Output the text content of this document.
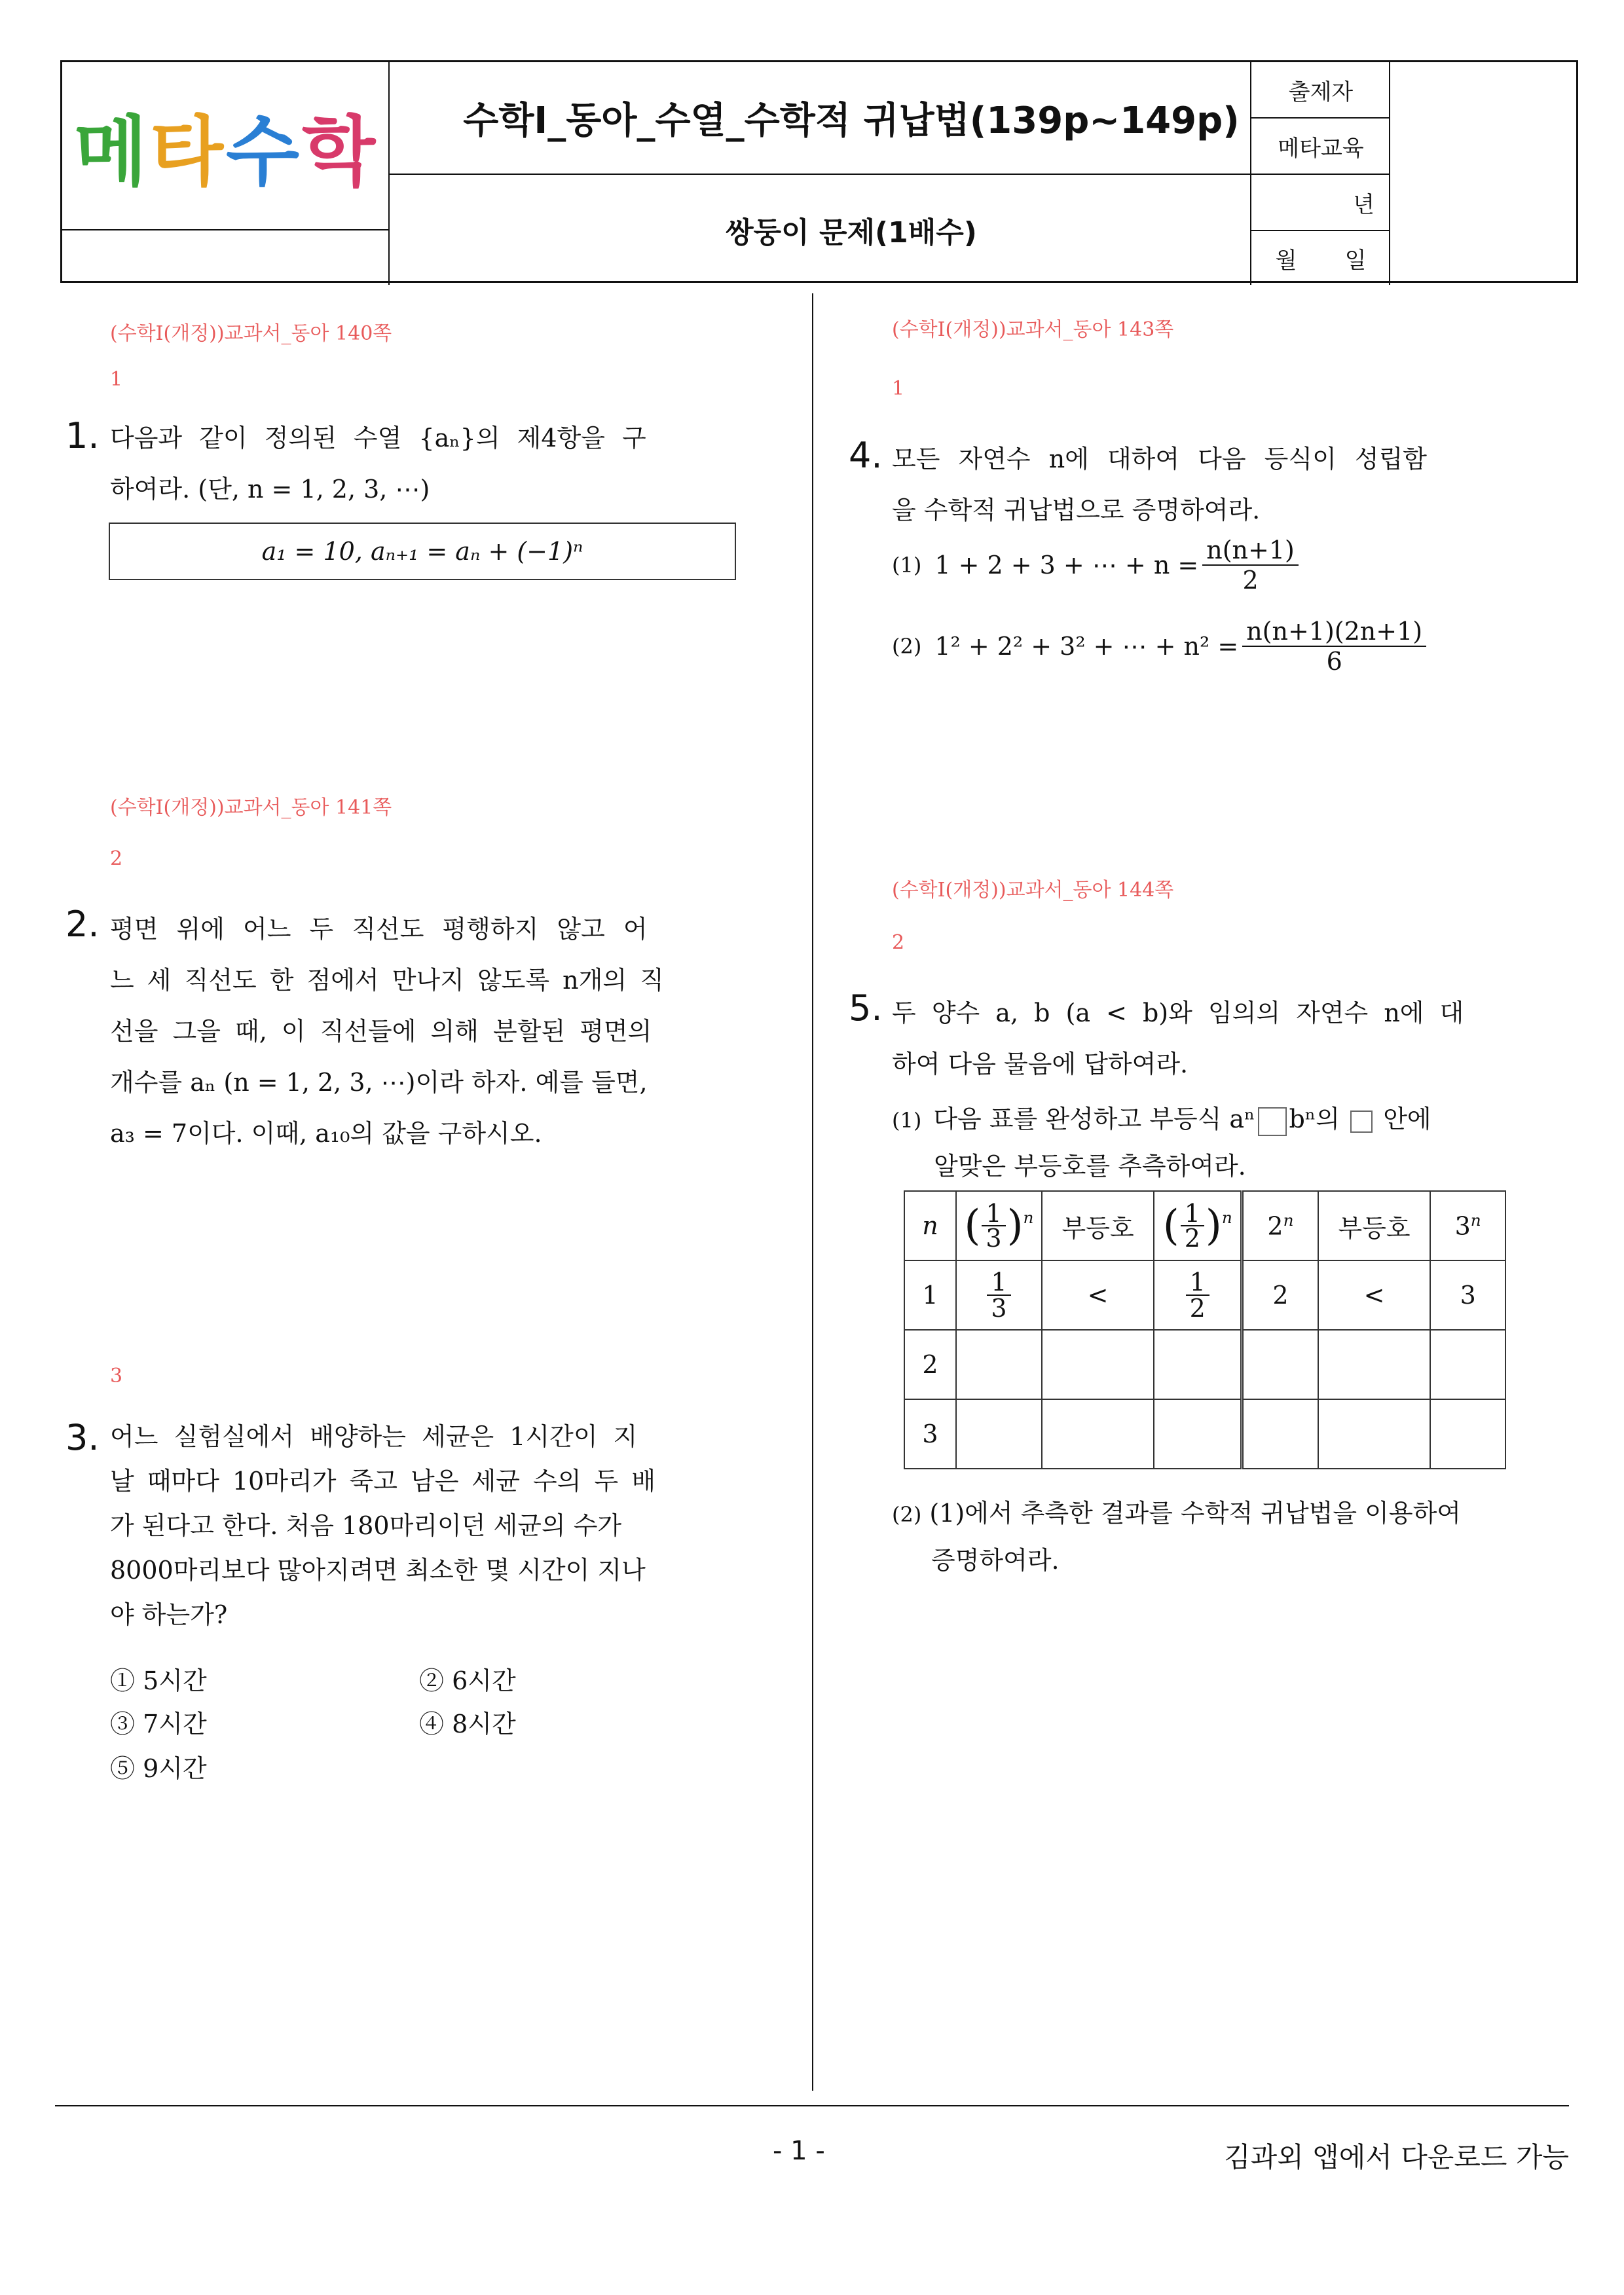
메 타 수 학	수학Ⅰ_동아_수열_수학적 귀납법(139p~149p)
쌍둥이 문제(1배수)
출제자
메타교육
년
월 일
(수학Ⅰ(개정))교과서_동아 140쪽
1
1. 다음과 같이 정의된 수열 {aₙ}의 제4항을 구
하여라. (단, n = 1, 2, 3, ⋯)
a₁ = 10, aₙ₊₁ = aₙ + (−1)ⁿ
(수학Ⅰ(개정))교과서_동아 141쪽
2
2. 평면 위에 어느 두 직선도 평행하지 않고 어
느 세 직선도 한 점에서 만나지 않도록 n개의 직
선을 그을 때, 이 직선들에 의해 분할된 평면의
개수를 aₙ (n = 1, 2, 3, ⋯)이라 하자. 예를 들면,
a₃ = 7이다. 이때, a₁₀의 값을 구하시오.
3
3. 어느 실험실에서 배양하는 세균은 1시간이 지
날 때마다 10마리가 죽고 남은 세균 수의 두 배
가 된다고 한다. 처음 180마리이던 세균의 수가
8000마리보다 많아지려면 최소한 몇 시간이 지나
야 하는가?
① 5시간	② 6시간
③ 7시간	④ 8시간
⑤ 9시간
(수학Ⅰ(개정))교과서_동아 143쪽
1
4. 모든 자연수 n에 대하여 다음 등식이 성립함
을 수학적 귀납법으로 증명하여라.
(1) 1 + 2 + 3 + ⋯ + $n = \frac{n(n+1)}{2}$
(2) 1² + 2² + 3² + ⋯ + $n^2 = \frac{n(n+1)(2n+1)}{6}$
(수학Ⅰ(개정))교과서_동아 144쪽
2
5. 두 양수 a, b (a < b)와 임의의 자연수 n에 대
하여 다음 물음에 답하여라.
(1) 다음 표를 완성하고 부등식 aⁿ bⁿ의 안에
알맞은 부등호를 추측하여라.
n	( $\frac{1}{3} )^n$	부등호	( $\frac{1}{2} )^n$	2$^n$	부등호	3$^n$
1	$\frac{1}{3}$	<	$\frac{1}{2}$	2	<	3
2						
3						
(2) (1)에서 추측한 결과를 수학적 귀납법을 이용하여
증명하여라.
- 1 -	김과외 앱에서 다운로드 가능
